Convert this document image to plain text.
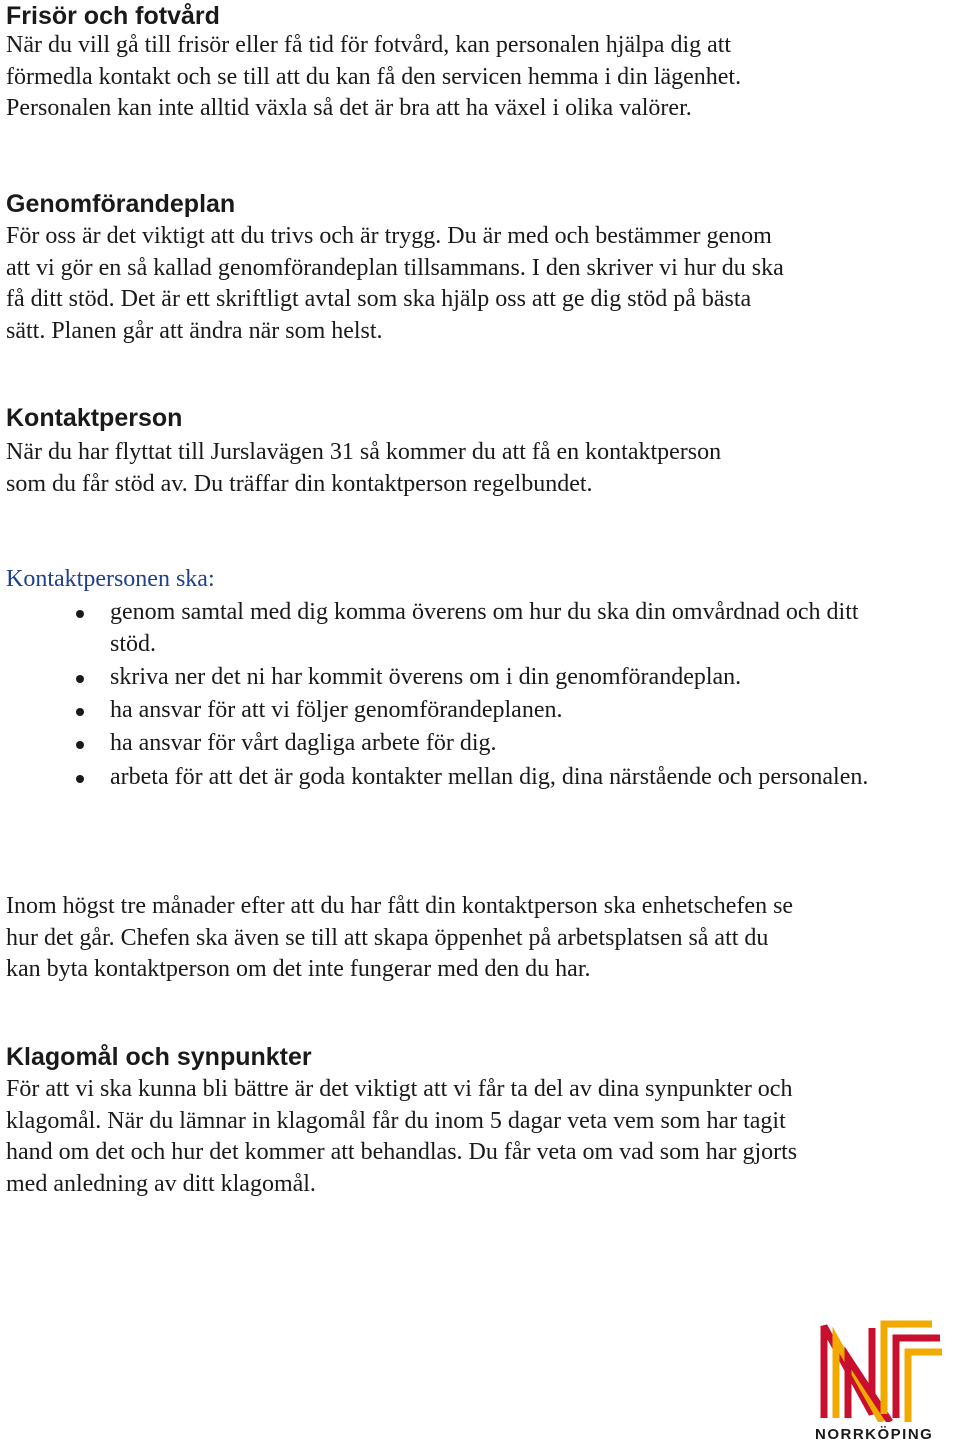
Frisör och fotvård

När du vill gå till frisör eller få tid för fotvård, kan personalen hjälpa dig att förmedla kontakt och se till att du kan få den servicen hemma i din lägenhet. Personalen kan inte alltid växla så det är bra att ha växel i olika valörer.

Genomförandeplan

För oss är det viktigt att du trivs och är trygg. Du är med och bestämmer genom att vi gör en så kallad genomförandeplan tillsammans. I den skriver vi hur du ska få ditt stöd. Det är ett skriftligt avtal som ska hjälp oss att ge dig stöd på bästa sätt. Planen går att ändra när som helst.

Kontaktperson

När du har flyttat till Jurslavägen 31 så kommer du att få en kontaktperson som du får stöd av. Du träffar din kontaktperson regelbundet.

Kontaktpersonen ska:

genom samtal med dig komma överens om hur du ska din omvårdnad och ditt stöd.
skriva ner det ni har kommit överens om i din genomförandeplan.
ha ansvar för att vi följer genomförandeplanen.
ha ansvar för vårt dagliga arbete för dig.
arbeta för att det är goda kontakter mellan dig, dina närstående och personalen.

Inom högst tre månader efter att du har fått din kontaktperson ska enhetschefen se hur det går. Chefen ska även se till att skapa öppenhet på arbetsplatsen så att du kan byta kontaktperson om det inte fungerar med den du har.

Klagomål och synpunkter

För att vi ska kunna bli bättre är det viktigt att vi får ta del av dina synpunkter och klagomål. När du lämnar in klagomål får du inom 5 dagar veta vem som har tagit hand om det och hur det kommer att behandlas. Du får veta om vad som har gjorts med anledning av ditt klagomål.

NORRKÖPING
